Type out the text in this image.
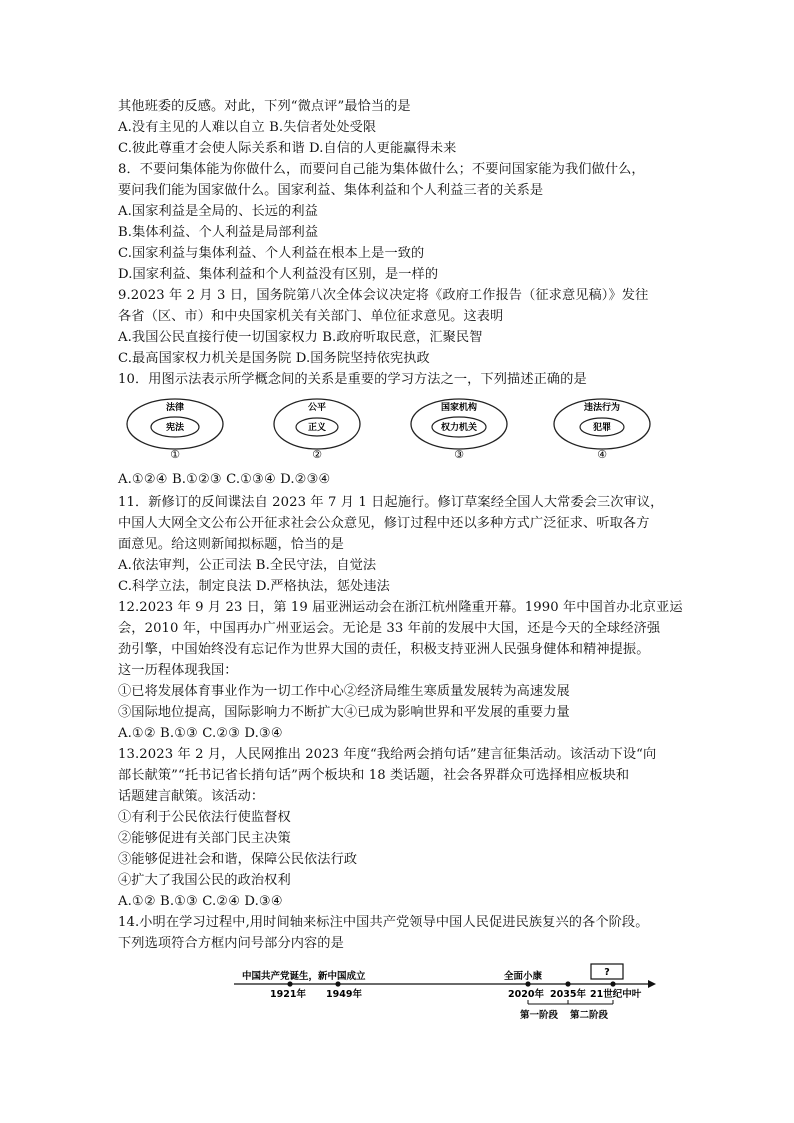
其他班委的反感。对此，下列“微点评”最恰当的是
A.没有主见的人难以自立 B.失信者处处受限
C.彼此尊重才会使人际关系和谐 D.自信的人更能赢得未来
8．不要问集体能为你做什么，而要问自己能为集体做什么；不要问国家能为我们做什么，
要问我们能为国家做什么。国家利益、集体利益和个人利益三者的关系是
A.国家利益是全局的、长远的利益
B.集体利益、个人利益是局部利益
C.国家利益与集体利益、个人利益在根本上是一致的
D.国家利益、集体利益和个人利益没有区别，是一样的
9.2023 年 2 月 3 日，国务院第八次全体会议决定将《政府工作报告（征求意见稿）》发往
各省（区、市）和中央国家机关有关部门、单位征求意见。这表明
A.我国公民直接行使一切国家权力 B.政府听取民意，汇聚民智
C.最高国家权力机关是国务院 D.国务院坚持依宪执政
10．用图示法表示所学概念间的关系是重要的学习方法之一，下列描述正确的是
法律
宪法
①
公平
正义
②
国家机构
权力机关
③
违法行为
犯罪
④
A.①②④ B.①②③ C.①③④ D.②③④
11．新修订的反间谍法自 2023 年 7 月 1 日起施行。修订草案经全国人大常委会三次审议，
中国人大网全文公布公开征求社会公众意见，修订过程中还以多种方式广泛征求、听取各方
面意见。给这则新闻拟标题，恰当的是
A.依法审判，公正司法 B.全民守法，自觉法
C.科学立法，制定良法 D.严格执法，惩处违法
12.2023 年 9 月 23 日，第 19 届亚洲运动会在浙江杭州隆重开幕。1990 年中国首办北京亚运
会，2010 年，中国再办广州亚运会。无论是 33 年前的发展中大国，还是今天的全球经济强
劲引擎，中国始终没有忘记作为世界大国的责任，积极支持亚洲人民强身健体和精神提振。
这一历程体现我国：
①已将发展体育事业作为一切工作中心②经济局维生寒质量发展转为高速发展
③国际地位提高，国际影响力不断扩大④已成为影响世界和平发展的重要力量
A.①② B.①③ C.②③ D.③④
13.2023 年 2 月，人民网推出 2023 年度“我给两会捎句话”建言征集活动。该活动下设“向
部长献策”“托书记省长捎句话”两个板块和 18 类话题，社会各界群众可选择相应板块和
话题建言献策。该活动：
①有利于公民依法行使监督权
②能够促进有关部门民主决策
③能够促进社会和谐，保障公民依法行政
④扩大了我国公民的政治权利
A.①② B.①③ C.②④ D.③④
14.小明在学习过程中,用时间轴来标注中国共产党领导中国人民促进民族复兴的各个阶段。
下列选项符合方框内问号部分内容的是
中国共产党诞生，新中国成立
1921年 1949年
全面小康
2020年 2035年 21世纪中叶
?
第一阶段 第二阶段
